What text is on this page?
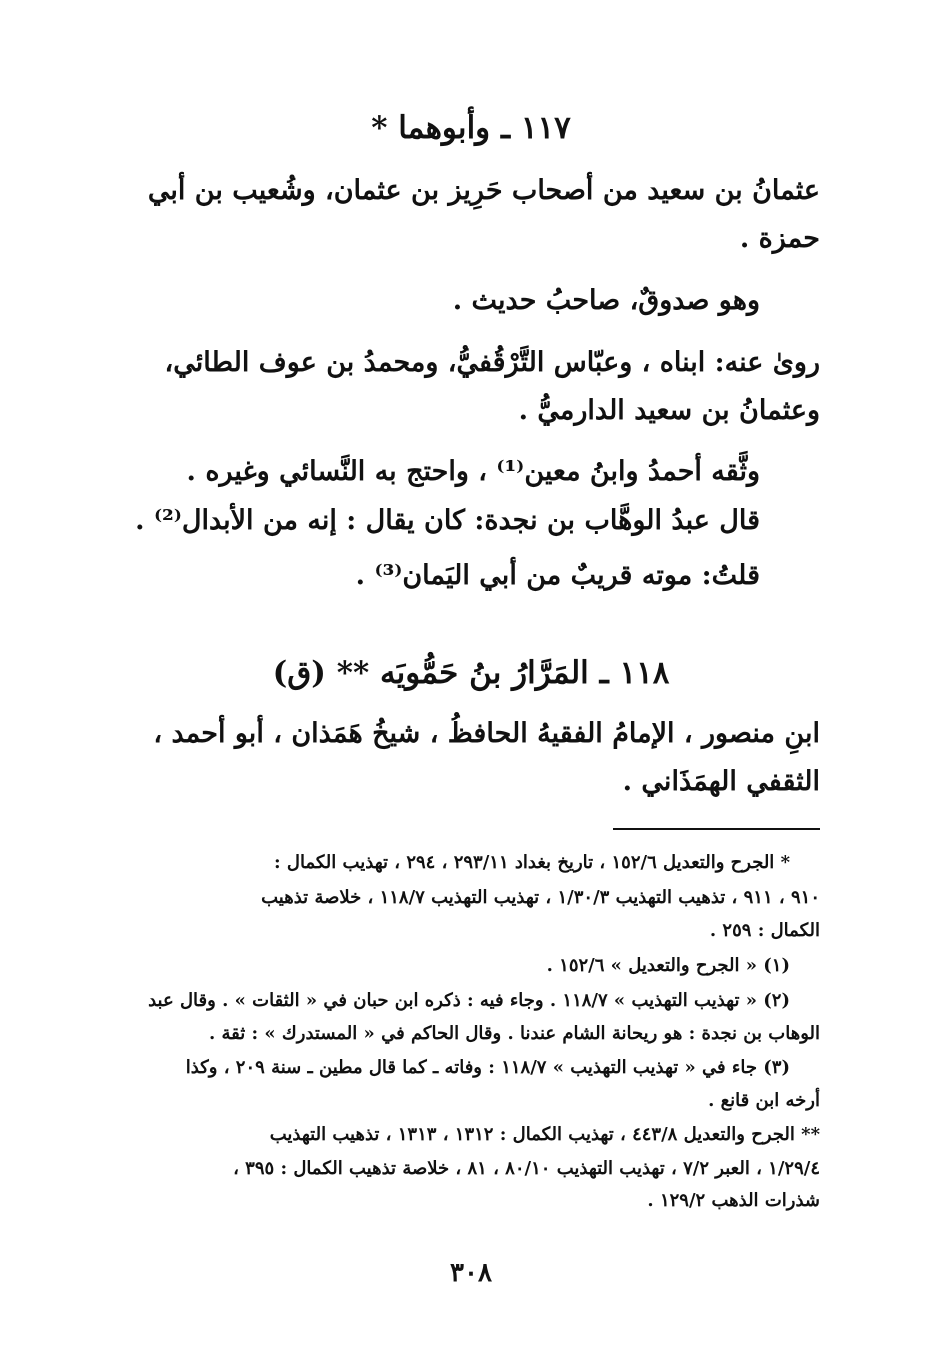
١١٧ ـ وأبوهما *
عثمانُ بن سعيد من أصحاب حَرِيز بن عثمان، وشُعيب بن أبي
حمزة .
وهو صدوقٌ، صاحبُ حديث .
روىٰ عنه: ابناه ، وعبّاس التَّرْقُفيُّ، ومحمدُ بن عوف الطائي،
وعثمانُ بن سعيد الدارميُّ .
وثَّقه أحمدُ وابنُ معين⁽¹⁾ ، واحتج به النَّسائي وغيره .
قال عبدُ الوهَّاب بن نجدة: كان يقال : إنه من الأبدال⁽²⁾ .
قلتُ: موته قريبٌ من أبي اليَمان⁽³⁾ .
١١٨ ـ المَرَّارُ بنُ حَمُّويَه ** (ق)
ابنِ منصور ، الإمامُ الفقيهُ الحافظُ ، شيخُ هَمَذان ، أبو أحمد ،
الثقفي الهمَذَاني .
* الجرح والتعديل ١٥٢/٦ ، تاريخ بغداد ٢٩٣/١١ ، ٢٩٤ ، تهذيب الكمال :
٩١٠ ، ٩١١ ، تذهيب التهذيب ١/٣٠/٣ ، تهذيب التهذيب ١١٨/٧ ، خلاصة تذهيب
الكمال : ٢٥٩ .
(١) « الجرح والتعديل » ١٥٢/٦ .
(٢) « تهذيب التهذيب » ١١٨/٧ . وجاء فيه : ذكره ابن حبان في « الثقات » . وقال عبد
الوهاب بن نجدة : هو ريحانة الشام عندنا . وقال الحاكم في « المستدرك » : ثقة .
(٣) جاء في « تهذيب التهذيب » ١١٨/٧ : وفاته ـ كما قال مطين ـ سنة ٢٠٩ ، وكذا
أرخه ابن قانع .
** الجرح والتعديل ٤٤٣/٨ ، تهذيب الكمال : ١٣١٢ ، ١٣١٣ ، تذهيب التهذيب
١/٢٩/٤ ، العبر ٧/٢ ، تهذيب التهذيب ٨٠/١٠ ، ٨١ ، خلاصة تذهيب الكمال : ٣٩٥ ،
شذرات الذهب ١٢٩/٢ .
٣٠٨
